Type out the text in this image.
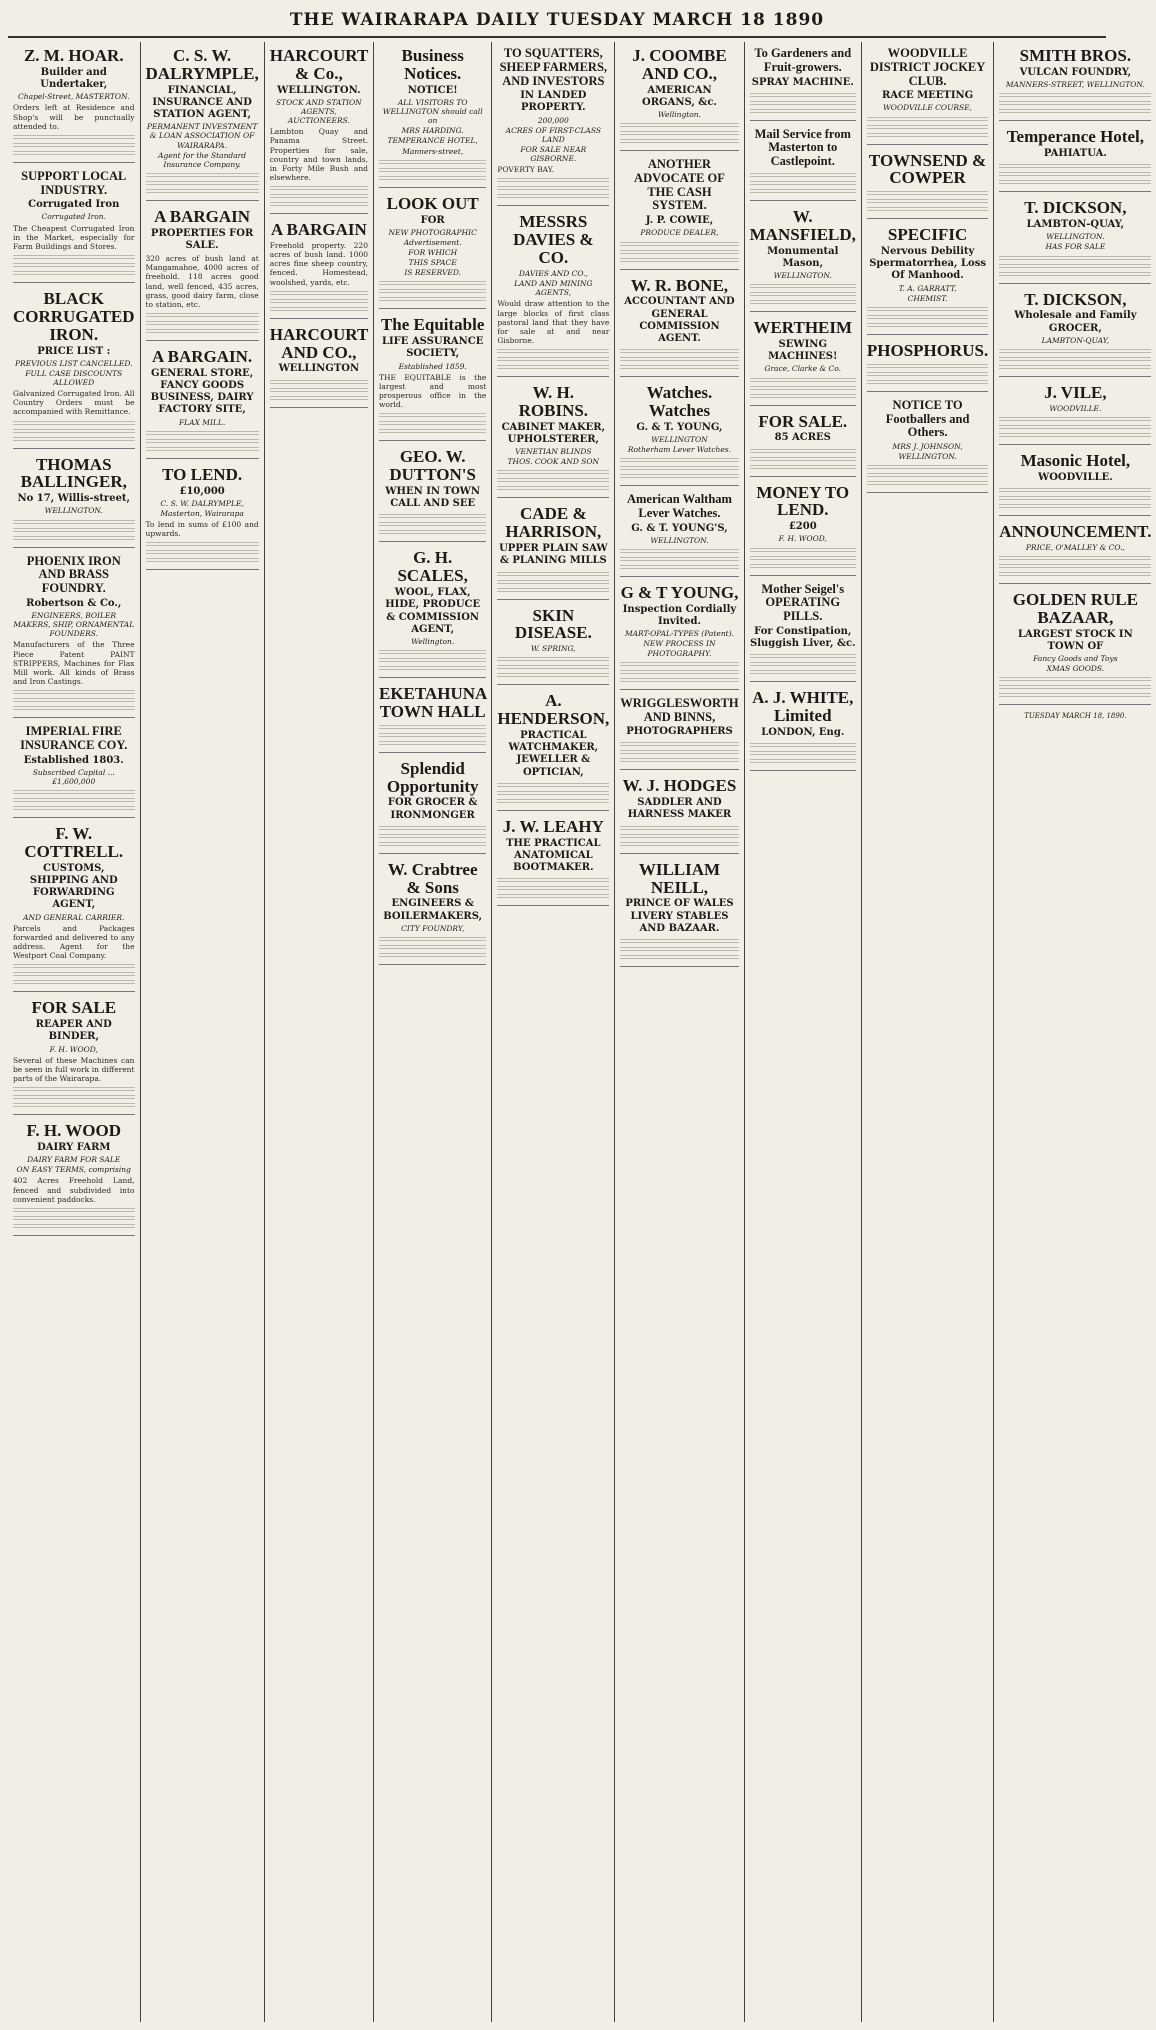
THE WAIRARAPA DAILY TUESDAY MARCH 18 1890
Z. M. HOAR.
Builder and Undertaker,
Chapel-Street, MASTERTON.
Orders left at Residence and Shop's will be punctually attended to.
SUPPORT LOCAL INDUSTRY.
Corrugated Iron
Corrugated Iron.
The Cheapest Corrugated Iron in the Market, especially for Farm Buildings and Stores.
BLACK CORRUGATED IRON.
PRICE LIST :
PREVIOUS LIST CANCELLED.
FULL CASE DISCOUNTS ALLOWED
Galvanized Corrugated Iron. All Country Orders must be accompanied with Remittance.
THOMAS BALLINGER,
No 17, Willis-street,
WELLINGTON.
PHOENIX IRON AND BRASS FOUNDRY.
Robertson & Co.,
ENGINEERS, BOILER MAKERS, SHIP, ORNAMENTAL FOUNDERS.
Manufacturers of the Three Piece Patent PAINT STRIPPERS, Machines for Flax Mill work. All kinds of Brass and Iron Castings.
IMPERIAL FIRE INSURANCE COY.
Established 1803.
Subscribed Capital ... £1,600,000
F. W. COTTRELL.
CUSTOMS, SHIPPING AND FORWARDING AGENT,
AND GENERAL CARRIER.
Parcels and Packages forwarded and delivered to any address. Agent for the Westport Coal Company.
FOR SALE
REAPER AND BINDER,
F. H. WOOD,
Several of these Machines can be seen in full work in different parts of the Wairarapa.
F. H. WOOD
DAIRY FARM
DAIRY FARM FOR SALE
ON EASY TERMS, comprising
402 Acres Freehold Land, fenced and subdivided into convenient paddocks.
C. S. W. DALRYMPLE,
FINANCIAL, INSURANCE AND STATION AGENT,
PERMANENT INVESTMENT & LOAN ASSOCIATION OF WAIRARAPA.
Agent for the Standard Insurance Company.
A BARGAIN
PROPERTIES FOR SALE.
320 acres of bush land at Mangamahoe, 4000 acres of freehold. 118 acres good land, well fenced, 435 acres, grass, good dairy farm, close to station, etc.
A BARGAIN.
GENERAL STORE, FANCY GOODS BUSINESS, DAIRY FACTORY SITE,
FLAX MILL.
TO LEND.
£10,000
C. S. W. DALRYMPLE,
Masterton, Wairarapa
To lend in sums of £100 and upwards.
HARCOURT & Co.,
WELLINGTON.
STOCK AND STATION AGENTS, AUCTIONEERS.
Lambton Quay and Panama Street. Properties for sale, country and town lands, in Forty Mile Bush and elsewhere.
A BARGAIN
Freehold property. 220 acres of bush land. 1000 acres fine sheep country, fenced. Homestead, woolshed, yards, etc.
HARCOURT AND CO.,
WELLINGTON
Business Notices.
NOTICE!
ALL VISITORS TO WELLINGTON should call on
MRS HARDING.
TEMPERANCE HOTEL,
Manners-street,
LOOK OUT
FOR
NEW PHOTOGRAPHIC
Advertisement.
FOR WHICH
THIS SPACE
IS RESERVED.
The Equitable
LIFE ASSURANCE SOCIETY,
Established 1859.
THE EQUITABLE is the largest and most prosperous office in the world.
GEO. W. DUTTON'S
WHEN IN TOWN CALL AND SEE
G. H. SCALES,
WOOL, FLAX, HIDE, PRODUCE & COMMISSION AGENT,
Wellington.
EKETAHUNA TOWN HALL
Splendid Opportunity
FOR GROCER & IRONMONGER
W. Crabtree & Sons
ENGINEERS & BOILERMAKERS,
CITY FOUNDRY,
TO SQUATTERS, SHEEP FARMERS, AND INVESTORS
IN LANDED PROPERTY.
200,000
ACRES OF FIRST-CLASS LAND
FOR SALE NEAR GISBORNE.
POVERTY BAY.
MESSRS DAVIES & CO.
DAVIES AND CO.,
LAND AND MINING AGENTS,
Would draw attention to the large blocks of first class pastoral land that they have for sale at and near Gisborne.
W. H. ROBINS.
CABINET MAKER, UPHOLSTERER,
VENETIAN BLINDS
THOS. COOK AND SON
CADE & HARRISON,
UPPER PLAIN SAW & PLANING MILLS
SKIN DISEASE.
W. SPRING,
A. HENDERSON,
PRACTICAL WATCHMAKER, JEWELLER & OPTICIAN,
J. W. LEAHY
THE PRACTICAL ANATOMICAL BOOTMAKER.
J. COOMBE AND CO.,
AMERICAN ORGANS, &c.
Wellington.
ANOTHER ADVOCATE OF THE CASH SYSTEM.
J. P. COWIE,
PRODUCE DEALER,
W. R. BONE,
ACCOUNTANT AND GENERAL COMMISSION AGENT.
Watches. Watches
G. & T. YOUNG,
WELLINGTON
Rotherham Lever Watches.
American Waltham Lever Watches.
G. & T. YOUNG'S,
WELLINGTON.
G & T YOUNG,
Inspection Cordially Invited.
MART-OPAL-TYPES (Patent).
NEW PROCESS IN PHOTOGRAPHY.
WRIGGLESWORTH AND BINNS,
PHOTOGRAPHERS
W. J. HODGES
SADDLER AND HARNESS MAKER
WILLIAM NEILL,
PRINCE OF WALES LIVERY STABLES AND BAZAAR.
To Gardeners and Fruit-growers.
SPRAY MACHINE.
Mail Service from Masterton to Castlepoint.
W. MANSFIELD,
Monumental Mason,
WELLINGTON.
WERTHEIM
SEWING MACHINES!
Grace, Clarke & Co.
FOR SALE.
85 ACRES
MONEY TO LEND.
£200
F. H. WOOD,
Mother Seigel's OPERATING PILLS.
For Constipation, Sluggish Liver, &c.
A. J. WHITE, Limited
LONDON, Eng.
WOODVILLE DISTRICT JOCKEY CLUB.
RACE MEETING
WOODVILLE COURSE,
TOWNSEND & COWPER
SPECIFIC
Nervous Debility Spermatorrhea, Loss Of Manhood.
T. A. GARRATT,
CHEMIST.
PHOSPHORUS.
NOTICE TO Footballers and Others.
MRS J. JOHNSON,
WELLINGTON.
SMITH BROS.
VULCAN FOUNDRY,
MANNERS-STREET, WELLINGTON.
Temperance Hotel,
PAHIATUA.
T. DICKSON,
LAMBTON-QUAY,
WELLINGTON.
HAS FOR SALE
T. DICKSON,
Wholesale and Family GROCER,
LAMBTON-QUAY,
J. VILE,
WOODVILLE.
Masonic Hotel,
WOODVILLE.
ANNOUNCEMENT.
PRICE, O'MALLEY & CO.,
GOLDEN RULE BAZAAR,
LARGEST STOCK IN TOWN OF
Fancy Goods and Toys
XMAS GOODS.
TUESDAY MARCH 18, 1890.
